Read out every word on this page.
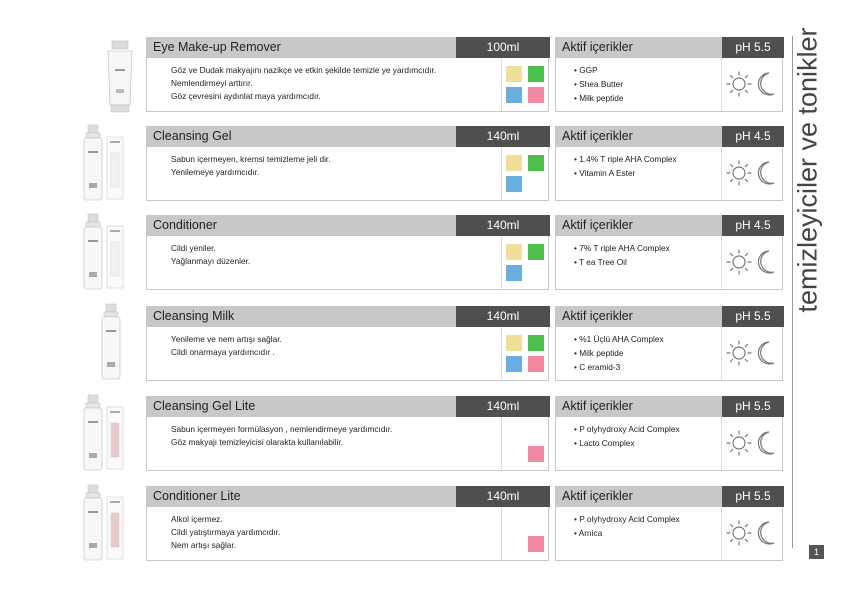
Eye Make-up Remover	100ml
Göz ve Dudak makyajını nazikçe ve etkin şekilde temizle ye yardımcıdır.
Nemlendirmeyi arttırır.
Göz çevresini aydınlat maya yardımcıdır.
Aktif içerikler	pH 5.5
• GGP
• Shea Butter
• Milk peptide
Cleansing Gel	140ml
Sabun içermeyen, kremsi temizleme jeli dir.
Yenilemeye yardımcıdır.
Aktif içerikler	pH 4.5
• 1.4% T riple AHA Complex
• Vitamin A Ester
Conditioner	140ml
Cildi yeniler.
Yağlanmayı düzenler.
Aktif içerikler	pH 4.5
• 7% T riple AHA Complex
• T ea Tree Oil
Cleansing Milk	140ml
Yenileme ve nem artışı sağlar.
Cildi onarmaya yardımcıdır .
Aktif içerikler	pH 5.5
• %1 Üçlü AHA Complex
• Milk peptide
• C eramid-3
Cleansing Gel Lite	140ml
Sabun içermeyen formülasyon , nemlendirmeye yardımcıdır.
Göz makyajı temizleyicisi olarakta kullanılabilir.
Aktif içerikler	pH 5.5
• P olyhydroxy Acid Complex
• Lacto Complex
Conditioner Lite	140ml
Alkol içermez.
Cildi yatıştırmaya yardımcıdır.
Nem artışı sağlar.
Aktif içerikler	pH 5.5
• P olyhydroxy Acid Complex
• Arnica
temizleyiciler ve tonikler
1
